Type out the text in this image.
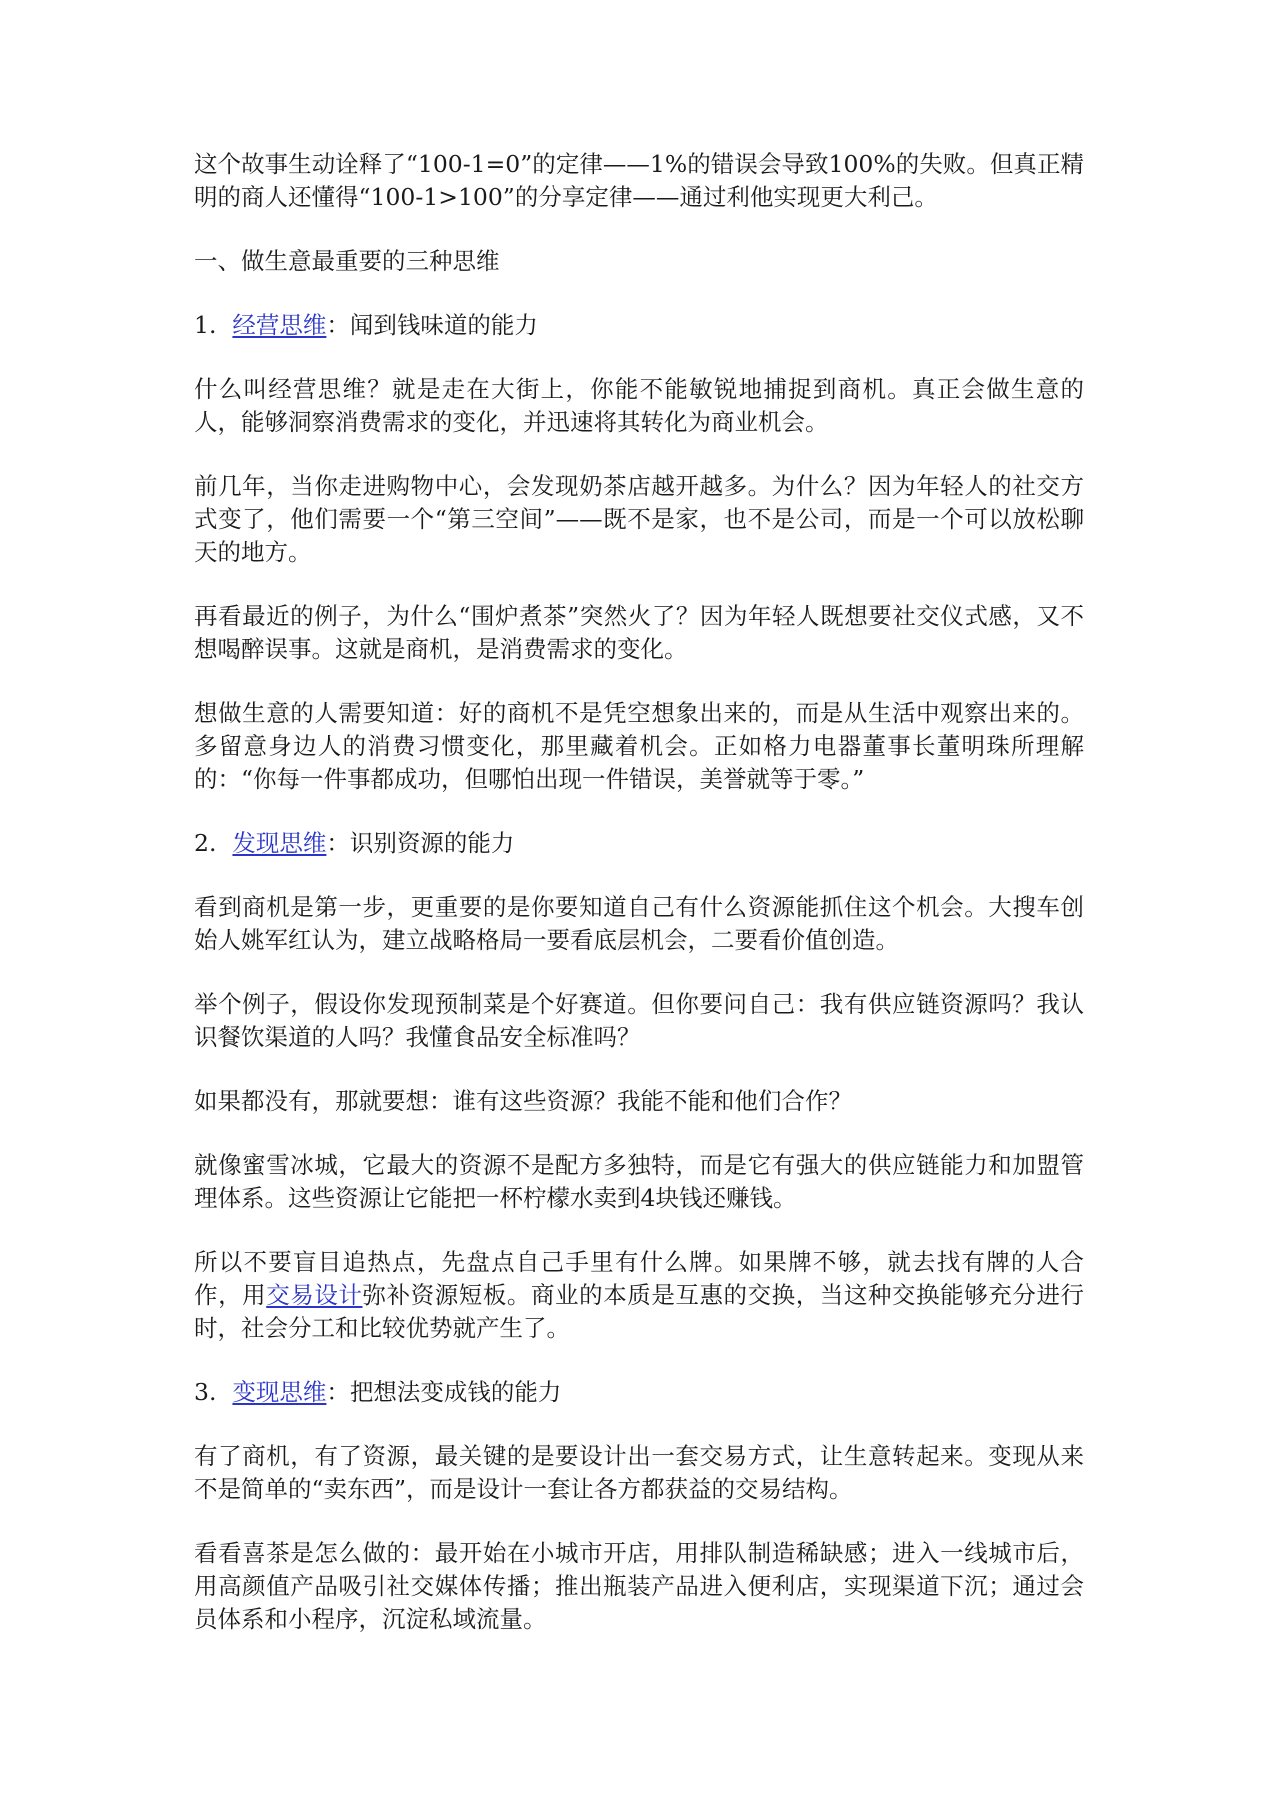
这个故事生动诠释了“100-1=0”的定律——1%的错误会导致100%的失败。但真正精明的商人还懂得“100-1>100”的分享定律——通过利他实现更大利己。

一、做生意最重要的三种思维

1. 经营思维：闻到钱味道的能力

什么叫经营思维？就是走在大街上，你能不能敏锐地捕捉到商机。真正会做生意的人，能够洞察消费需求的变化，并迅速将其转化为商业机会。

前几年，当你走进购物中心，会发现奶茶店越开越多。为什么？因为年轻人的社交方式变了，他们需要一个“第三空间”——既不是家，也不是公司，而是一个可以放松聊天的地方。

再看最近的例子，为什么“围炉煮茶”突然火了？因为年轻人既想要社交仪式感，又不想喝醉误事。这就是商机，是消费需求的变化。

想做生意的人需要知道：好的商机不是凭空想象出来的，而是从生活中观察出来的。多留意身边人的消费习惯变化，那里藏着机会。正如格力电器董事长董明珠所理解的：“你每一件事都成功，但哪怕出现一件错误，美誉就等于零。”

2. 发现思维：识别资源的能力

看到商机是第一步，更重要的是你要知道自己有什么资源能抓住这个机会。大搜车创始人姚军红认为，建立战略格局一要看底层机会，二要看价值创造。

举个例子，假设你发现预制菜是个好赛道。但你要问自己：我有供应链资源吗？我认识餐饮渠道的人吗？我懂食品安全标准吗？

如果都没有，那就要想：谁有这些资源？我能不能和他们合作？

就像蜜雪冰城，它最大的资源不是配方多独特，而是它有强大的供应链能力和加盟管理体系。这些资源让它能把一杯柠檬水卖到4块钱还赚钱。

所以不要盲目追热点，先盘点自己手里有什么牌。如果牌不够，就去找有牌的人合作，用交易设计弥补资源短板。商业的本质是互惠的交换，当这种交换能够充分进行时，社会分工和比较优势就产生了。

3. 变现思维：把想法变成钱的能力

有了商机，有了资源，最关键的是要设计出一套交易方式，让生意转起来。变现从来不是简单的“卖东西”，而是设计一套让各方都获益的交易结构。

看看喜茶是怎么做的：最开始在小城市开店，用排队制造稀缺感；进入一线城市后，用高颜值产品吸引社交媒体传播；推出瓶装产品进入便利店，实现渠道下沉；通过会员体系和小程序，沉淀私域流量。
